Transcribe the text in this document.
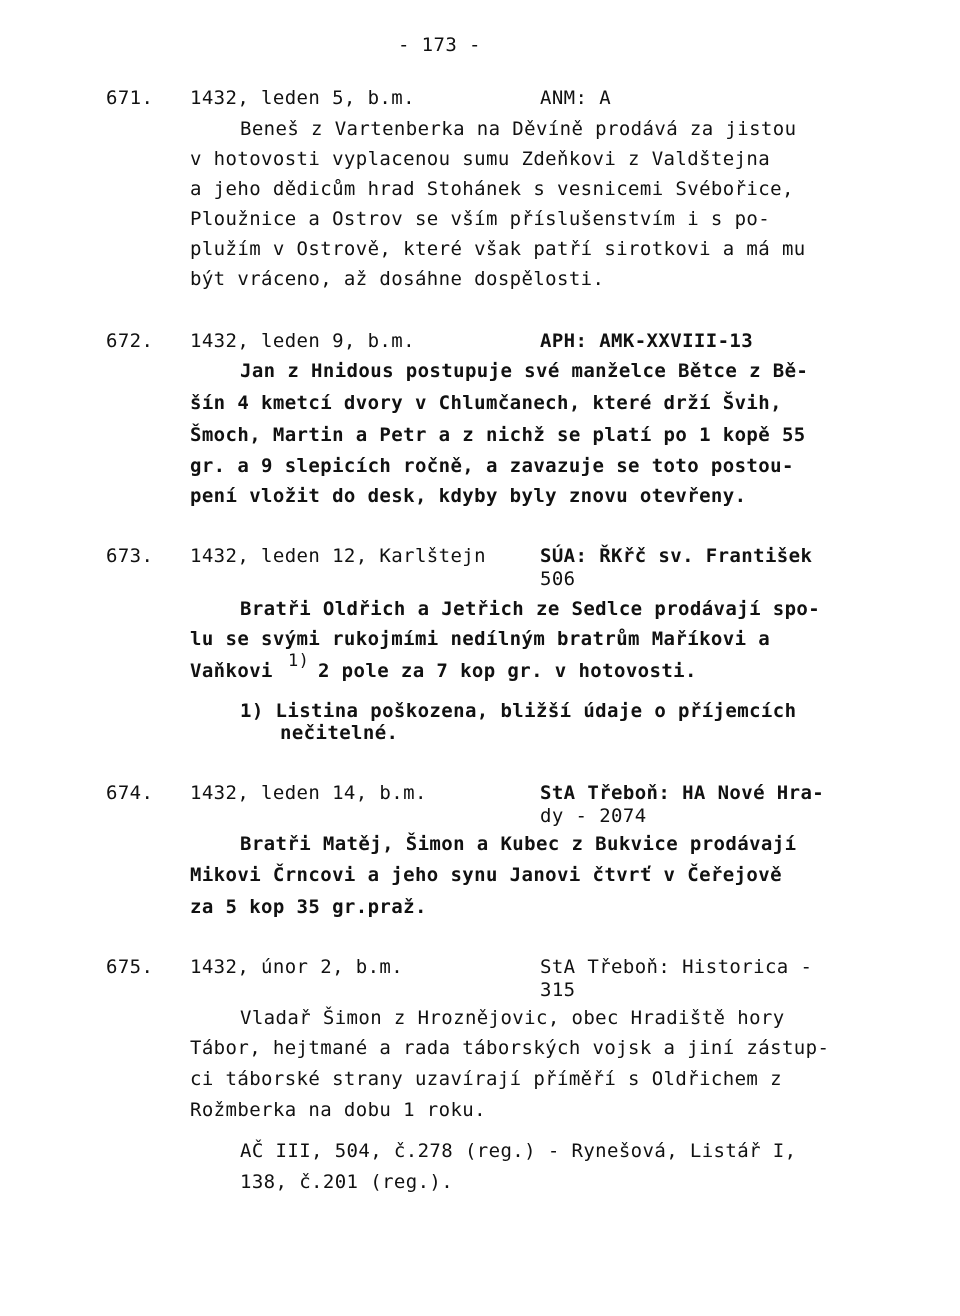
- 173 -
671. 1432, leden 5, b.m.	ANM: A
Beneš z Vartenberka na Děvíně prodává za jistou
v hotovosti vyplacenou sumu Zdeňkovi z Valdštejna
a jeho dědicům hrad Stohánek s vesnicemi Svébořice,
Ploužnice a Ostrov se vším příslušenstvím i s po-
plužím v Ostrově, které však patří sirotkovi a má mu
být vráceno, až dosáhne dospělosti.
672. 1432, leden 9, b.m.	APH: AMK-XXVIII-13
Jan z Hnidous postupuje své manželce Bětce z Bě-
šín 4 kmetcí dvory v Chlumčanech, které drží Švih,
Šmoch, Martin a Petr a z nichž se platí po 1 kopě 55
gr. a 9 slepicích ročně, a zavazuje se toto postou-
pení vložit do desk, kdyby byly znovu otevřeny.
673. 1432, leden 12, Karlštejn	SÚA: ŘKřč sv. František
506
Bratři Oldřich a Jetřich ze Sedlce prodávají spo-
lu se svými rukojmími nedílným bratrům Maříkovi a
Vaňkovi 1) 2 pole za 7 kop gr. v hotovosti.
1) Listina poškozena, bližší údaje o příjemcích
nečitelné.
674. 1432, leden 14, b.m.	StA Třeboň: HA Nové Hra-
dy - 2074
Bratři Matěj, Šimon a Kubec z Bukvice prodávají
Mikovi Črncovi a jeho synu Janovi čtvrť v Čeřejově
za 5 kop 35 gr.praž.
675. 1432, únor 2, b.m.	StA Třeboň: Historica -
315
Vladař Šimon z Hroznějovic, obec Hradiště hory
Tábor, hejtmané a rada táborských vojsk a jiní zástup-
ci táborské strany uzavírají příměří s Oldřichem z
Rožmberka na dobu 1 roku.
AČ III, 504, č.278 (reg.) - Rynešová, Listář I,
138, č.201 (reg.).
